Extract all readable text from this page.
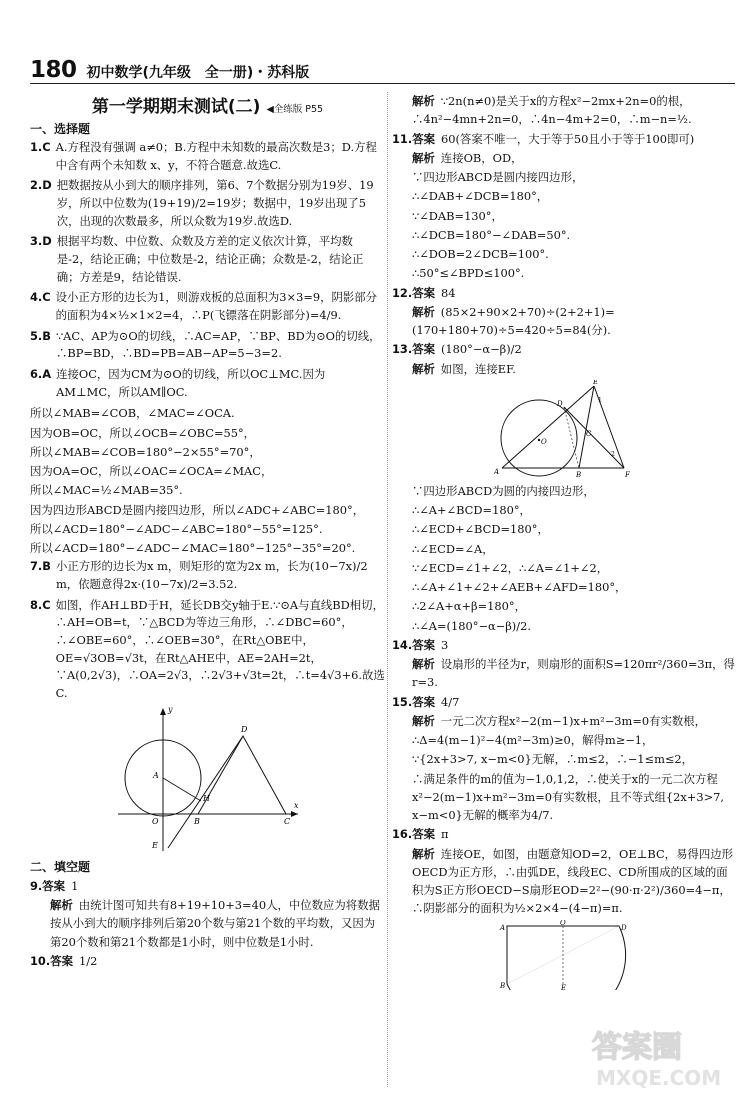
180 初中数学(九年级　全一册)・苏科版
第一学期期末测试(二) ◀全练版 P55
一、选择题
1.C A.方程没有强调 a≠0；B.方程中未知数的最高次数是3；D.方程中含有两个未知数 x、y，不符合题意.故选C.
2.D 把数据按从小到大的顺序排列，第6、7个数据分别为19岁、19岁，所以中位数为(19+19)/2=19岁；数据中，19岁出现了5次，出现的次数最多，所以众数为19岁.故选D.
3.D 根据平均数、中位数、众数及方差的定义依次计算，平均数是-2，结论正确；中位数是-2，结论正确；众数是-2，结论正确；方差是9，结论错误.
4.C 设小正方形的边长为1，则游戏板的总面积为3×3=9，阴影部分的面积为4×½×1×2=4，∴P(飞镖落在阴影部分)=4/9.
5.B ∵AC、AP为⊙O的切线，∴AC=AP，∵BP、BD为⊙O的切线，∴BP=BD，∴BD=PB=AB−AP=5−3=2.
6.A 连接OC，因为CM为⊙O的切线，所以OC⊥MC.因为AM⊥MC，所以AM∥OC.
所以∠MAB=∠COB，∠MAC=∠OCA.
因为OB=OC，所以∠OCB=∠OBC=55°，
所以∠MAB=∠COB=180°−2×55°=70°，
因为OA=OC，所以∠OAC=∠OCA=∠MAC，
所以∠MAC=½∠MAB=35°.
因为四边形ABCD是圆内接四边形，所以∠ADC+∠ABC=180°，
所以∠ACD=180°−∠ADC−∠ABC=180°−55°=125°.
所以∠ACD=180°−∠ADC−∠MAC=180°−125°−35°=20°.
7.B 小正方形的边长为x m，则矩形的宽为2x m，长为(10−7x)/2 m，依题意得2x·(10−7x)/2=3.52.
8.C 如图，作AH⊥BD于H，延长DB交y轴于E.∵⊙A与直线BD相切，∴AH=OB=t，∵△BCD为等边三角形，∴∠DBC=60°，∴∠OBE=60°，∴∠OEB=30°，在Rt△OBE中，OE=√3OB=√3t，在Rt△AHE中，AE=2AH=2t，∵A(0,2√3)，∴OA=2√3，∴2√3+√3t=2t，∴t=4√3+6.故选C.
A
O	B
H
D
C
y
x
E
二、填空题
9.答案 1
解析 由统计图可知共有8+19+10+3=40人，中位数应为将数据按从小到大的顺序排列后第20个数与第21个数的平均数，又因为第20个数和第21个数都是1小时，则中位数是1小时.
10.答案 1/2
解析 ∵2n(n≠0)是关于x的方程x²−2mx+2n=0的根，∴4n²−4mn+2n=0，∴4n−4m+2=0，∴m−n=½.
11.答案 60(答案不唯一，大于等于50且小于等于100即可)
解析 连接OB，OD，
∵四边形ABCD是圆内接四边形，
∴∠DAB+∠DCB=180°，
∵∠DAB=130°，
∴∠DCB=180°−∠DAB=50°.
∴∠DOB=2∠DCB=100°.
∴50°≤∠BPD≤100°.
12.答案 84
解析 (85×2+90×2+70)÷(2+2+1)=(170+180+70)÷5=420÷5=84(分).
13.答案 (180°−α−β)/2
解析 如图，连接EF.
O
A	B
C
D
E
F
1
2
∵四边形ABCD为圆的内接四边形，
∴∠A+∠BCD=180°，
∴∠ECD+∠BCD=180°，
∴∠ECD=∠A，
∵∠ECD=∠1+∠2，∴∠A=∠1+∠2，
∴∠A+∠1+∠2+∠AEB+∠AFD=180°，
∴2∠A+α+β=180°，
∴∠A=(180°−α−β)/2.
14.答案 3
解析 设扇形的半径为r，则扇形的面积S=120πr²/360=3π，得r=3.
15.答案 4/7
解析 一元二次方程x²−2(m−1)x+m²−3m=0有实数根，
∴Δ=4(m−1)²−4(m²−3m)≥0，解得m≥−1，
∵{2x+3>7, x−m<0}无解，∴m≤2，∴−1≤m≤2，
∴满足条件的m的值为−1,0,1,2，∴使关于x的一元二次方程x²−2(m−1)x+m²−3m=0有实数根，且不等式组{2x+3>7, x−m<0}无解的概率为4/7.
16.答案 π
解析 连接OE，如图，由题意知OD=2，OE⊥BC，易得四边形OECD为正方形，∴由弧DE，线段EC、CD所围成的区域的面积为S正方形OECD−S扇形EOD=2²−(90·π·2²)/360=4−π，∴阴影部分的面积为½×2×4−(4−π)=π.
A
O
D
B	E
答案圈
MXQE.COM
